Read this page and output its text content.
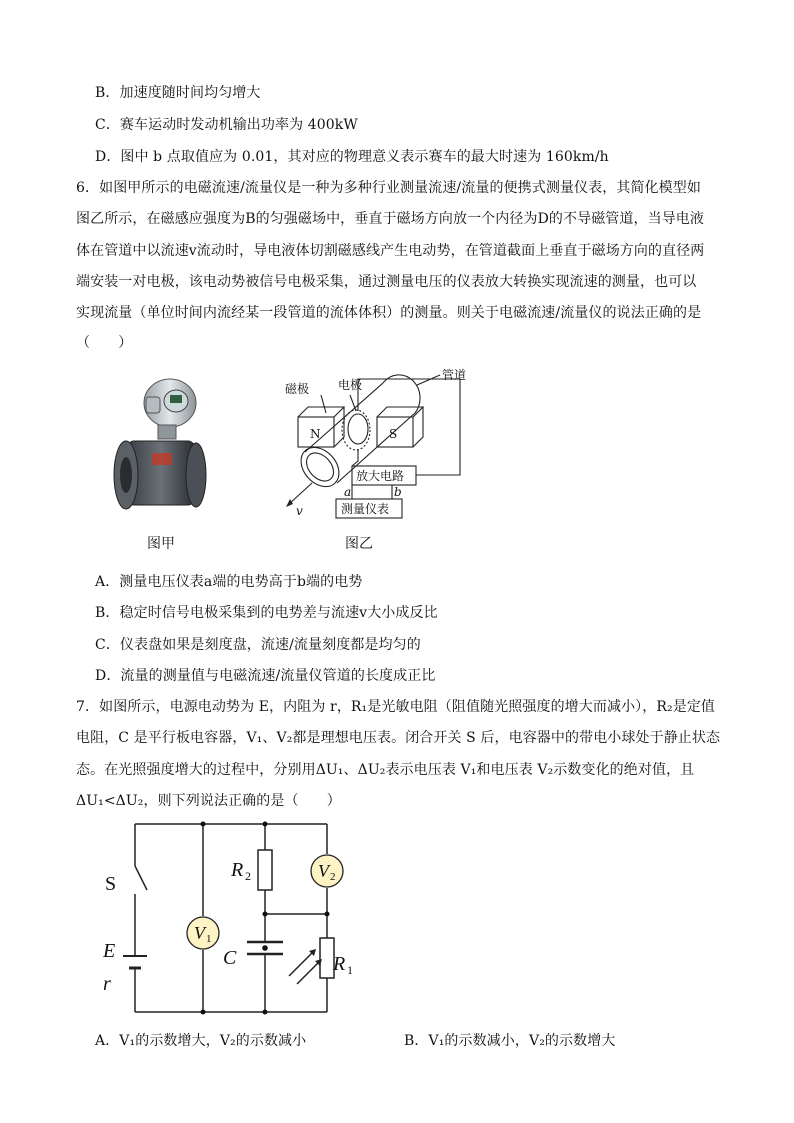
B．加速度随时间均匀增大
C．赛车运动时发动机输出功率为 400kW
D．图中 b 点取值应为 0.01，其对应的物理意义表示赛车的最大时速为 160km/h
6．如图甲所示的电磁流速/流量仪是一种为多种行业测量流速/流量的便携式测量仪表，其简化模型如
图乙所示，在磁感应强度为B的匀强磁场中，垂直于磁场方向放一个内径为D的不导磁管道，当导电液
体在管道中以流速v流动时，导电液体切割磁感线产生电动势，在管道截面上垂直于磁场方向的直径两
端安装一对电极，该电动势被信号电极采集，通过测量电压的仪表放大转换实现流速的测量，也可以
实现流量（单位时间内流经某一段管道的流体体积）的测量。则关于电磁流速/流量仪的说法正确的是
（　　）
图甲
磁极 电极
管道
N	S
放大电路
测量仪表
a	b
v
图乙
A．测量电压仪表a端的电势高于b端的电势
B．稳定时信号电极采集到的电势差与流速v大小成反比
C．仪表盘如果是刻度盘，流速/流量刻度都是均匀的
D．流量的测量值与电磁流速/流量仪管道的长度成正比
7．如图所示，电源电动势为 E，内阻为 r，R₁是光敏电阻（阻值随光照强度的增大而减小），R₂是定值
电阻，C 是平行板电容器，V₁、V₂都是理想电压表。闭合开关 S 后，电容器中的带电小球处于静止状态
态。在光照强度增大的过程中，分别用ΔU₁、ΔU₂表示电压表 V₁和电压表 V₂示数变化的绝对值，且
ΔU₁<ΔU₂，则下列说法正确的是（　　）
V 1
V 2
S
E
r
C
R 2
R 1
A．V₁的示数增大，V₂的示数减小	B．V₁的示数减小，V₂的示数增大
